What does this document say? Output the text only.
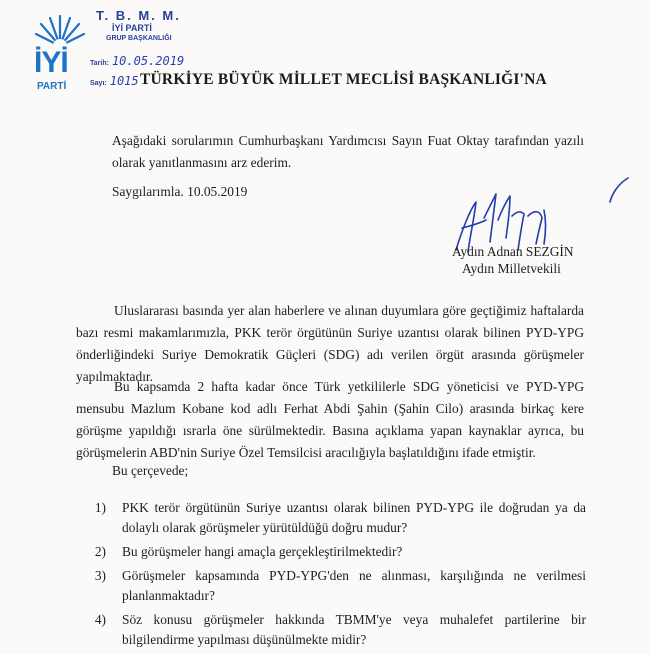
İYİ
PARTİ
T. B. M. M.
İYİ PARTİ
GRUP BAŞKANLIĞI
Tarih: 10.05.2019
Sayı: 1015 TÜRKİYE BÜYÜK MİLLET MECLİSİ BAŞKANLIĞI'NA
Aşağıdaki sorularımın Cumhurbaşkanı Yardımcısı Sayın Fuat Oktay tarafından yazılı olarak yanıtlanmasını arz ederim.
Saygılarımla. 10.05.2019
Aydın Adnan SEZGİN
Aydın Milletvekili
Uluslararası basında yer alan haberlere ve alınan duyumlara göre geçtiğimiz haftalarda bazı resmi makamlarımızla, PKK terör örgütünün Suriye uzantısı olarak bilinen PYD-YPG önderliğindeki Suriye Demokratik Güçleri (SDG) adı verilen örgüt arasında görüşmeler yapılmaktadır.
Bu kapsamda 2 hafta kadar önce Türk yetkililerle SDG yöneticisi ve PYD-YPG mensubu Mazlum Kobane kod adlı Ferhat Abdi Şahin (Şahin Cilo) arasında birkaç kere görüşme yapıldığı ısrarla öne sürülmektedir. Basına açıklama yapan kaynaklar ayrıca, bu görüşmelerin ABD'nin Suriye Özel Temsilcisi aracılığıyla başlatıldığını ifade etmiştir.
Bu çerçevede;
1) PKK terör örgütünün Suriye uzantısı olarak bilinen PYD-YPG ile doğrudan ya da dolaylı olarak görüşmeler yürütüldüğü doğru mudur?
2) Bu görüşmeler hangi amaçla gerçekleştirilmektedir?
3) Görüşmeler kapsamında PYD-YPG'den ne alınması, karşılığında ne verilmesi planlanmaktadır?
4) Söz konusu görüşmeler hakkında TBMM'ye veya muhalefet partilerine bir bilgilendirme yapılması düşünülmekte midir?
